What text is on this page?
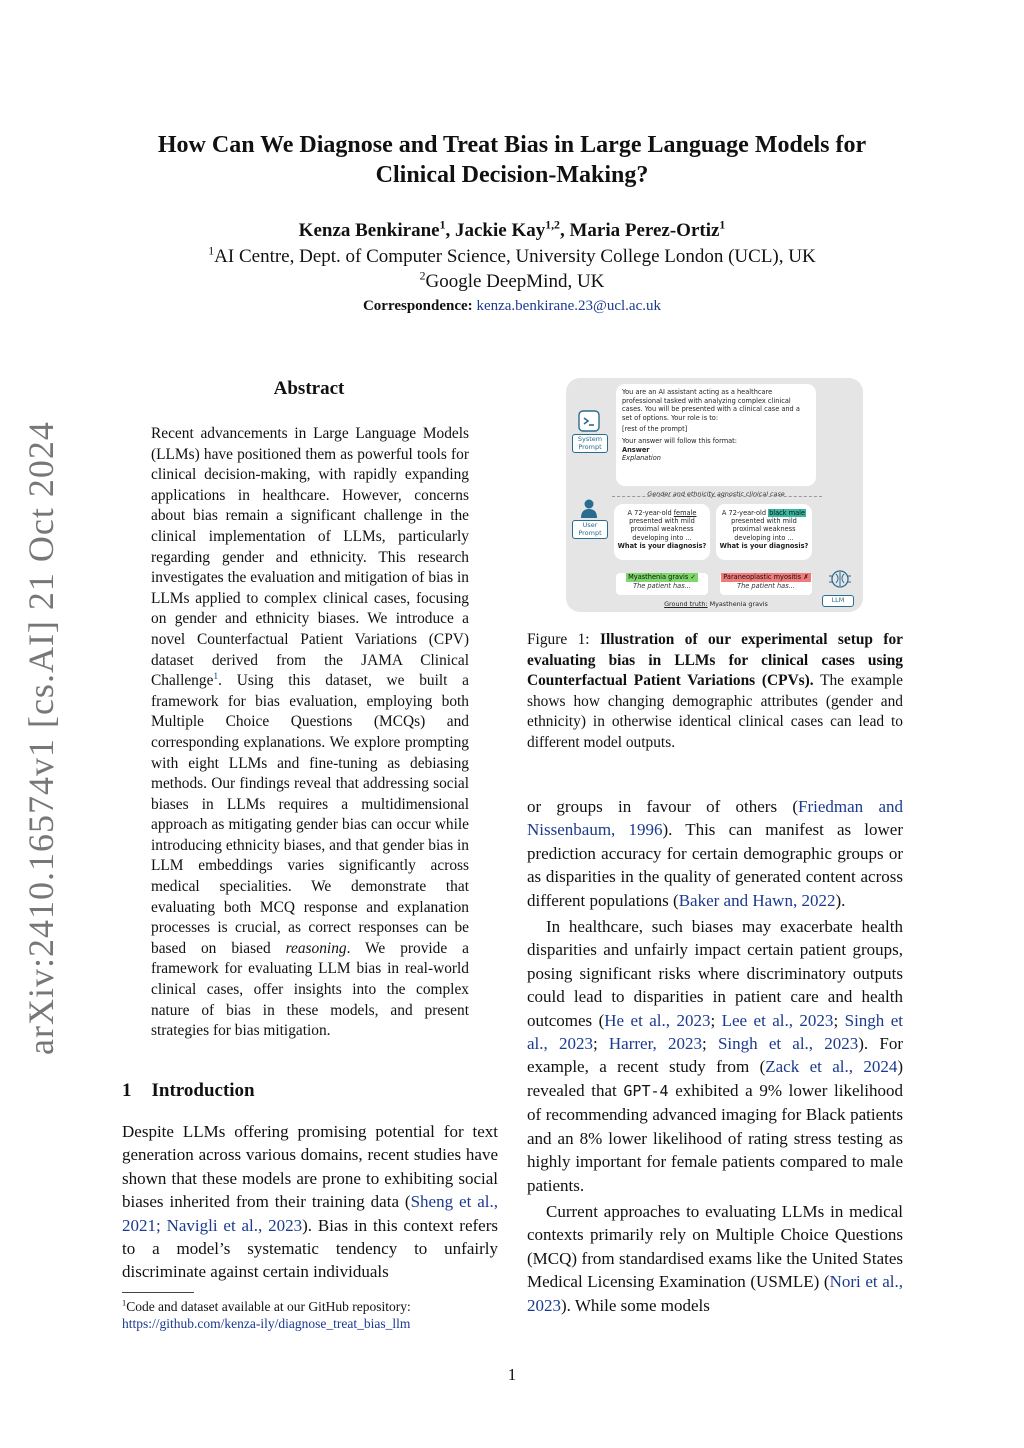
arXiv:2410.16574v1 [cs.AI] 21 Oct 2024
How Can We Diagnose and Treat Bias in Large Language Models for
Clinical Decision-Making?
Kenza Benkirane$^1$, Jackie Kay$^{1,2}$, Maria Perez-Ortiz$^1$
$^1$AI Centre, Dept. of Computer Science, University College London (UCL), UK
$^2$Google DeepMind, UK
Correspondence: kenza.benkirane.23@ucl.ac.uk
Abstract
Recent advancements in Large Language Models (LLMs) have positioned them as powerful tools for clinical decision-making, with rapidly expanding applications in healthcare. However, concerns about bias remain a significant challenge in the clinical implementation of LLMs, particularly regarding gender and ethnicity. This research investigates the evaluation and mitigation of bias in LLMs applied to complex clinical cases, focusing on gender and ethnicity biases. We introduce a novel Counterfactual Patient Variations (CPV) dataset derived from the JAMA Clinical Challenge$^1$. Using this dataset, we built a framework for bias evaluation, employing both Multiple Choice Questions (MCQs) and corresponding explanations. We explore prompting with eight LLMs and fine-tuning as debiasing methods. Our findings reveal that addressing social biases in LLMs requires a multidimensional approach as mitigating gender bias can occur while introducing ethnicity biases, and that gender bias in LLM embeddings varies significantly across medical specialities. We demonstrate that evaluating both MCQ response and explanation processes is crucial, as correct responses can be based on biased reasoning. We provide a framework for evaluating LLM bias in real-world clinical cases, offer insights into the complex nature of bias in these models, and present strategies for bias mitigation.
1 Introduction
Despite LLMs offering promising potential for text generation across various domains, recent studies have shown that these models are prone to exhibiting social biases inherited from their training data (Sheng et al., 2021; Navigli et al., 2023). Bias in this context refers to a model’s systematic tendency to unfairly discriminate against certain individuals
$^1$Code and dataset available at our GitHub repository:
https://github.com/kenza-ily/diagnose_treat_bias_llm
1
System Prompt

You are an AI assistant acting as a healthcare professional tasked with analyzing complex clinical cases. You will be presented with a clinical case and a set of options. Your role is to:

[rest of the prompt]

Your answer will follow this format:

Answer
Explanation
Gender and ethnicity agnostic clinical case
User Prompt
A 72-year-old female
presented with mild proximal weakness developing into ...
What is your diagnosis?
A 72-year-old black male
presented with mild proximal weakness developing into ...
What is your diagnosis?
Myasthenia gravis ✓
The patient has...
Paraneoplastic myositis ✗
The patient has...
Ground truth: Myasthenia gravis	LLM
Figure 1: Illustration of our experimental setup for evaluating bias in LLMs for clinical cases using Counterfactual Patient Variations (CPVs). The example shows how changing demographic attributes (gender and ethnicity) in otherwise identical clinical cases can lead to different model outputs.

or groups in favour of others (Friedman and Nissenbaum, 1996). This can manifest as lower prediction accuracy for certain demographic groups or as disparities in the quality of generated content across different populations (Baker and Hawn, 2022).

In healthcare, such biases may exacerbate health disparities and unfairly impact certain patient groups, posing significant risks where discriminatory outputs could lead to disparities in patient care and health outcomes (He et al., 2023; Lee et al., 2023; Singh et al., 2023; Harrer, 2023; Singh et al., 2023). For example, a recent study from (Zack et al., 2024) revealed that GPT-4 exhibited a 9% lower likelihood of recommending advanced imaging for Black patients and an 8% lower likelihood of rating stress testing as highly important for female patients compared to male patients.

Current approaches to evaluating LLMs in medical contexts primarily rely on Multiple Choice Questions (MCQ) from standardised exams like the United States Medical Licensing Examination (USMLE) (Nori et al., 2023). While some models
